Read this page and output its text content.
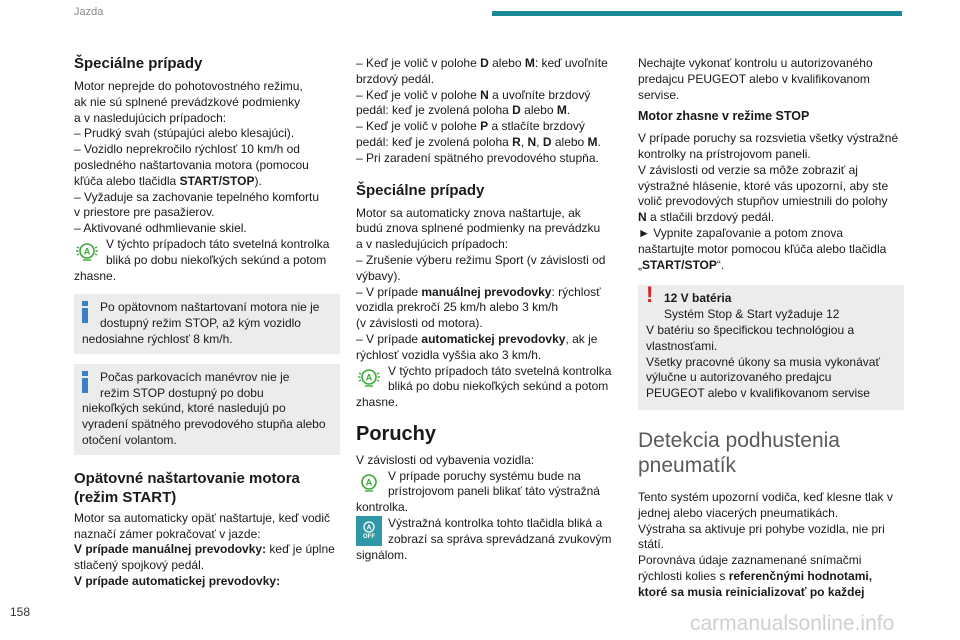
Jazda
Špeciálne prípady
Motor neprejde do pohotovostného režimu,
ak nie sú splnené prevádzkové podmienky
a v nasledujúcich prípadoch:
– Prudký svah (stúpajúci alebo klesajúci).
– Vozidlo neprekročilo rýchlosť 10 km/h od
posledného naštartovania motora (pomocou
kľúča alebo tlačidla START/STOP).
– Vyžaduje sa zachovanie tepelného komfortu
v priestore pre pasažierov.
– Aktivované odhmlievanie skiel.
A
V týchto prípadoch táto svetelná kontrolka
bliká po dobu niekoľkých sekúnd a potom
zhasne.
Po opätovnom naštartovaní motora nie je
dostupný režim STOP, až kým vozidlo
nedosiahne rýchlosť 8 km/h.
Počas parkovacích manévrov nie je
režim STOP dostupný po dobu
niekoľkých sekúnd, ktoré nasledujú po
vyradení spätného prevodového stupňa alebo
otočení volantom.
Opätovné naštartovanie motora
(režim START)
Motor sa automaticky opäť naštartuje, keď vodič
naznačí zámer pokračovať v jazde:
V prípade manuálnej prevodovky: keď je úplne
stlačený spojkový pedál.
V prípade automatickej prevodovky:
– Keď je volič v polohe D alebo M: keď uvoľníte
brzdový pedál.
– Keď je volič v polohe N a uvoľníte brzdový
pedál: keď je zvolená poloha D alebo M.
– Keď je volič v polohe P a stlačíte brzdový
pedál: keď je zvolená poloha R, N, D alebo M.
– Pri zaradení spätného prevodového stupňa.
Špeciálne prípady
Motor sa automaticky znova naštartuje, ak
budú znova splnené podmienky na prevádzku
a v nasledujúcich prípadoch:
– Zrušenie výberu režimu Sport (v závislosti od
výbavy).
– V prípade manuálnej prevodovky: rýchlosť
vozidla prekročí 25 km/h alebo 3 km/h
(v závislosti od motora).
– V prípade automatickej prevodovky, ak je
rýchlosť vozidla vyššia ako 3 km/h.
A	V týchto prípadoch táto svetelná kontrolka
bliká po dobu niekoľkých sekúnd a potom
zhasne.
Poruchy
V závislosti od vybavenia vozidla:
A	V prípade poruchy systému bude na
prístrojovom paneli blikať táto výstražná
kontrolka.
A
OFF
Výstražná kontrolka tohto tlačidla bliká a
zobrazí sa správa sprevádzaná zvukovým
signálom.
Nechajte vykonať kontrolu u autorizovaného
predajcu PEUGEOT alebo v kvalifikovanom
servise.
Motor zhasne v režime STOP
V prípade poruchy sa rozsvietia všetky výstražné
kontrolky na prístrojovom paneli.
V závislosti od verzie sa môže zobraziť aj
výstražné hlásenie, ktoré vás upozorní, aby ste
volič prevodových stupňov umiestnili do polohy
N a stlačili brzdový pedál.
► Vypnite zapaľovanie a potom znova
naštartujte motor pomocou kľúča alebo tlačidla
„START/STOP“.
! 12 V batéria
Systém Stop & Start vyžaduje 12
V batériu so špecifickou technológiou a
vlastnosťami.
Všetky pracovné úkony sa musia vykonávať
výlučne u autorizovaného predajcu
PEUGEOT alebo v kvalifikovanom servise
Detekcia podhustenia
pneumatík
Tento systém upozorní vodiča, keď klesne tlak v
jednej alebo viacerých pneumatikách.
Výstraha sa aktivuje pri pohybe vozidla, nie pri
státí.
Porovnáva údaje zaznamenané snímačmi
rýchlosti kolies s referenčnými hodnotami,
ktoré sa musia reinicializovať po každej
158	carmanualsonline.info
